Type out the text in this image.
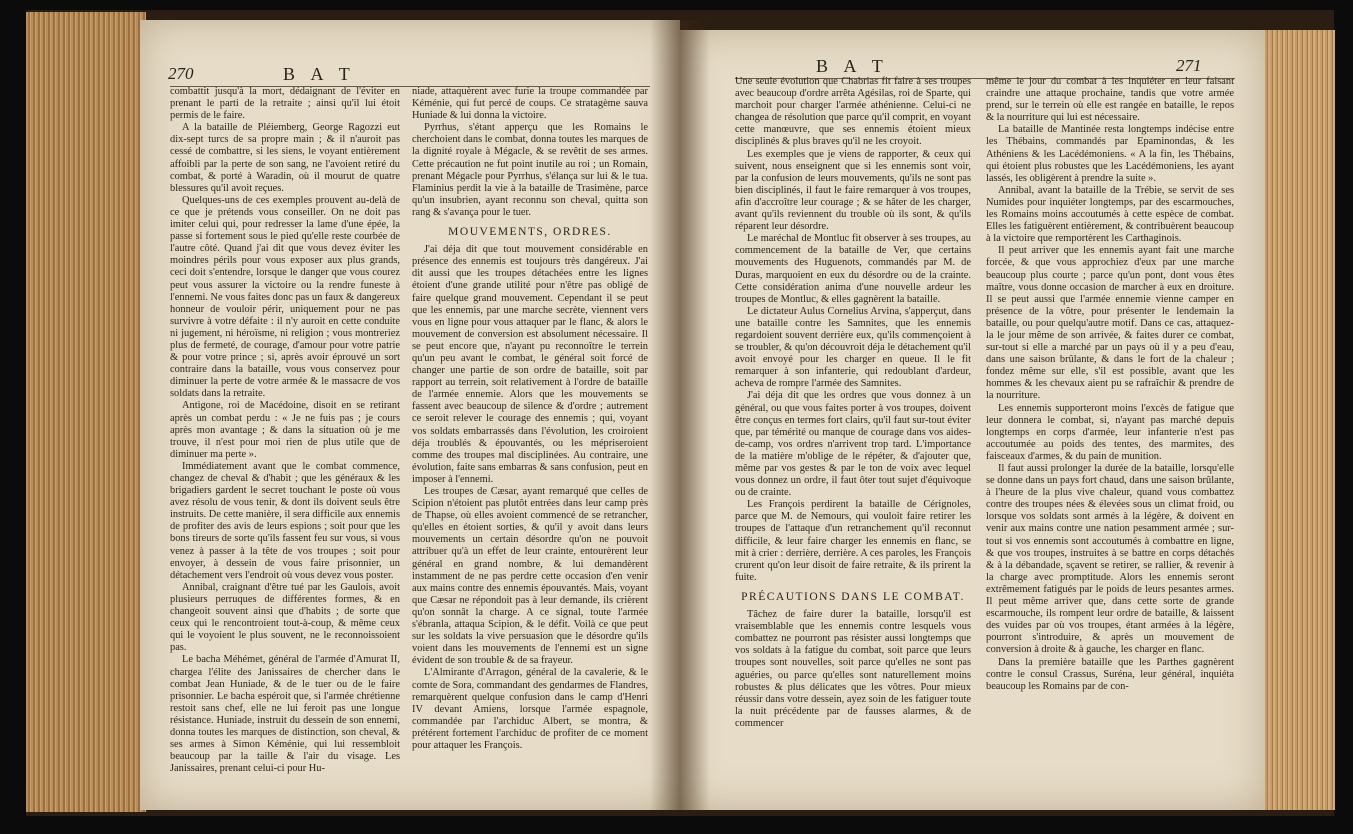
270	B A T

combattit jusqu'à la mort, dédaignant de l'éviter en prenant le parti de la retraite ; ainsi qu'il lui étoit permis de le faire.

A la bataille de Pléiemberg, George Ragozzi eut dix-sept turcs de sa propre main ; & il n'auroit pas cessé de combattre, si les siens, le voyant entièrement affoibli par la perte de son sang, ne l'avoient retiré du combat, & porté à Waradin, où il mourut de quatre blessures qu'il avoit reçues.

Quelques-uns de ces exemples prouvent au-delà de ce que je prétends vous conseiller. On ne doit pas imiter celui qui, pour redresser la lame d'une épée, la passe si fortement sous le pied qu'elle reste courbée de l'autre côté. Quand j'ai dit que vous devez éviter les moindres périls pour vous exposer aux plus grands, ceci doit s'entendre, lorsque le danger que vous courez peut vous assurer la victoire ou la rendre funeste à l'ennemi. Ne vous faites donc pas un faux & dangereux honneur de vouloir périr, uniquement pour ne pas survivre à votre défaite : il n'y auroit en cette conduite ni jugement, ni héroïsme, ni religion ; vous montreriez plus de fermeté, de courage, d'amour pour votre patrie & pour votre prince ; si, après avoir éprouvé un sort contraire dans la bataille, vous vous conservez pour diminuer la perte de votre armée & le massacre de vos soldats dans la retraite.

Antigone, roi de Macédoine, disoit en se retirant après un combat perdu : « Je ne fuis pas ; je cours après mon avantage ; & dans la situation où je me trouve, il n'est pour moi rien de plus utile que de diminuer ma perte ».

Immédiatement avant que le combat commence, changez de cheval & d'habit ; que les généraux & les brigadiers gardent le secret touchant le poste où vous avez résolu de vous tenir, & dont ils doivent seuls être instruits. De cette manière, il sera difficile aux ennemis de profiter des avis de leurs espions ; soit pour que les bons tireurs de sorte qu'ils fassent feu sur vous, si vous venez à passer à la tête de vos troupes ; soit pour envoyer, à dessein de vous faire prisonnier, un détachement vers l'endroit où vous devez vous poster.

Annibal, craignant d'être tué par les Gaulois, avoit plusieurs perruques de différentes formes, & en changeoit souvent ainsi que d'habits ; de sorte que ceux qui le rencontroient tout-à-coup, & même ceux qui le voyoient le plus souvent, ne le reconnoissoient pas.

Le bacha Méhémet, général de l'armée d'Amurat II, chargea l'élite des Janissaires de chercher dans le combat Jean Huniade, & de le tuer ou de le faire prisonnier. Le bacha espéroit que, si l'armée chrétienne restoit sans chef, elle ne lui feroit pas une longue résistance. Huniade, instruit du dessein de son ennemi, donna toutes les marques de distinction, son cheval, & ses armes à Simon Kéménie, qui lui ressembloit beaucoup par la taille & l'air du visage. Les Janissaires, prenant celui-ci pour Hu-

niade, attaquèrent avec furie la troupe commandée par Kéménie, qui fut percé de coups. Ce stratagème sauva Huniade & lui donna la victoire.

Pyrrhus, s'étant apperçu que les Romains le cherchoient dans le combat, donna toutes les marques de la dignité royale à Mégacle, & se revêtit de ses armes. Cette précaution ne fut point inutile au roi ; un Romain, prenant Mégacle pour Pyrrhus, s'élança sur lui & le tua. Flaminius perdit la vie à la bataille de Trasimène, parce qu'un insubrien, ayant reconnu son cheval, quitta son rang & s'avança pour le tuer.

MOUVEMENTS, ORDRES.

J'ai déja dit que tout mouvement considérable en présence des ennemis est toujours très dangéreux. J'ai dit aussi que les troupes détachées entre les lignes étoient d'une grande utilité pour n'être pas obligé de faire quelque grand mouvement. Cependant il se peut que les ennemis, par une marche secrète, viennent vers vous en ligne pour vous attaquer par le flanc, & alors le mouvement de conversion est absolument nécessaire. Il se peut encore que, n'ayant pu reconnoître le terrein qu'un peu avant le combat, le général soit forcé de changer une partie de son ordre de bataille, soit par rapport au terrein, soit relativement à l'ordre de bataille de l'armée ennemie. Alors que les mouvements se fassent avec beaucoup de silence & d'ordre ; autrement ce seroit relever le courage des ennemis ; qui, voyant vos soldats embarrassés dans l'évolution, les croiroient déja troublés & épouvantés, ou les mépriseroient comme des troupes mal disciplinées. Au contraire, une évolution, faite sans embarras & sans confusion, peut en imposer à l'ennemi.

Les troupes de Cæsar, ayant remarqué que celles de Scipion n'étoient pas plutôt entrées dans leur camp près de Thapse, où elles avoient commencé de se retrancher, qu'elles en étoient sorties, & qu'il y avoit dans leurs mouvements un certain désordre qu'on ne pouvoit attribuer qu'à un effet de leur crainte, entourèrent leur général en grand nombre, & lui demandèrent instamment de ne pas perdre cette occasion d'en venir aux mains contre des ennemis épouvantés. Mais, voyant que Cæsar ne répondoit pas à leur demande, ils crièrent qu'on sonnât la charge. A ce signal, toute l'armée s'ébranla, attaqua Scipion, & le défit. Voilà ce que peut sur les soldats la vive persuasion que le désordre qu'ils voient dans les mouvements de l'ennemi est un signe évident de son trouble & de sa frayeur.

L'Almirante d'Arragon, général de la cavalerie, & le comte de Sora, commandant des gendarmes de Flandres, remarquèrent quelque confusion dans le camp d'Henri IV devant Amiens, lorsque l'armée espagnole, commandée par l'archiduc Albert, se montra, & prétérent fortement l'archiduc de profiter de ce moment pour attaquer les François.

B A T	271

Une seule évolution que Chabrias fit faire à ses troupes avec beaucoup d'ordre arrêta Agésilas, roi de Sparte, qui marchoit pour charger l'armée athénienne. Celui-ci ne changea de résolution que parce qu'il comprit, en voyant cette manœuvre, que ses ennemis étoient mieux disciplinés & plus braves qu'il ne les croyoit.

Les exemples que je viens de rapporter, & ceux qui suivent, nous enseignent que si les ennemis sont voir, par la confusion de leurs mouvements, qu'ils ne sont pas bien disciplinés, il faut le faire remarquer à vos troupes, afin d'accroître leur courage ; & se hâter de les charger, avant qu'ils reviennent du trouble où ils sont, & qu'ils réparent leur désordre.

Le maréchal de Montluc fit observer à ses troupes, au commencement de la bataille de Ver, que certains mouvements des Huguenots, commandés par M. de Duras, marquoient en eux du désordre ou de la crainte. Cette considération anima d'une nouvelle ardeur les troupes de Montluc, & elles gagnèrent la bataille.

Le dictateur Aulus Cornelius Arvina, s'apperçut, dans une bataille contre les Samnites, que les ennemis regardoient souvent derrière eux, qu'ils commençoient à se troubler, & qu'on découvroit déja le détachement qu'il avoit envoyé pour les charger en queue. Il le fit remarquer à son infanterie, qui redoublant d'ardeur, acheva de rompre l'armée des Samnites.

J'ai déja dit que les ordres que vous donnez à un général, ou que vous faites porter à vos troupes, doivent être conçus en termes fort clairs, qu'il faut sur-tout éviter que, par témérité ou manque de courage dans vos aides-de-camp, vos ordres n'arrivent trop tard. L'importance de la matière m'oblige de le répéter, & d'ajouter que, même par vos gestes & par le ton de voix avec lequel vous donnez un ordre, il faut ôter tout sujet d'équivoque ou de crainte.

Les François perdirent la bataille de Cérignoles, parce que M. de Nemours, qui vouloit faire retirer les troupes de l'attaque d'un retranchement qu'il reconnut difficile, & leur faire charger les ennemis en flanc, se mit à crier : derrière, derrière. A ces paroles, les François crurent qu'on leur disoit de faire retraite, & ils prirent la fuite.

PRÉCAUTIONS DANS LE COMBAT.

Tâchez de faire durer la bataille, lorsqu'il est vraisemblable que les ennemis contre lesquels vous combattez ne pourront pas résister aussi longtemps que vos soldats à la fatigue du combat, soit parce que leurs troupes sont nouvelles, soit parce qu'elles ne sont pas aguéries, ou parce qu'elles sont naturellement moins robustes & plus délicates que les vôtres. Pour mieux réussir dans votre dessein, ayez soin de les fatiguer toute la nuit précédente par de fausses alarmes, & de commencer

même le jour du combat à les inquiéter en leur faisant craindre une attaque prochaine, tandis que votre armée prend, sur le terrein où elle est rangée en bataille, le repos & la nourriture qui lui est nécessaire.

La bataille de Mantinée resta longtemps indécise entre les Thébains, commandés par Epaminondas, & les Athéniens & les Lacédémoniens. « A la fin, les Thébains, qui étoient plus robustes que les Lacédémoniens, les ayant lassés, les obligèrent à prendre la suite ».

Annibal, avant la bataille de la Trébie, se servit de ses Numides pour inquiéter longtemps, par des escarmouches, les Romains moins accoutumés à cette espèce de combat. Elles les fatiguèrent entièrement, & contribuèrent beaucoup à la victoire que remportèrent les Carthaginois.

Il peut arriver que les ennemis ayant fait une marche forcée, & que vous approchiez d'eux par une marche beaucoup plus courte ; parce qu'un pont, dont vous êtes maître, vous donne occasion de marcher à eux en droiture. Il se peut aussi que l'armée ennemie vienne camper en présence de la vôtre, pour présenter le lendemain la bataille, ou pour quelqu'autre motif. Dans ce cas, attaquez-la le jour même de son arrivée, & faites durer ce combat, sur-tout si elle a marché par un pays où il y a peu d'eau, dans une saison brûlante, & dans le fort de la chaleur ; fondez même sur elle, s'il est possible, avant que les hommes & les chevaux aient pu se rafraîchir & prendre de la nourriture.

Les ennemis supporteront moins l'excès de fatigue que leur donnera le combat, si, n'ayant pas marché depuis longtemps en corps d'armée, leur infanterie n'est pas accoutumée au poids des tentes, des marmites, des faisceaux d'armes, & du pain de munition.

Il faut aussi prolonger la durée de la bataille, lorsqu'elle se donne dans un pays fort chaud, dans une saison brûlante, à l'heure de la plus vive chaleur, quand vous combattez contre des troupes nées & élevées sous un climat froid, ou lorsque vos soldats sont armés à la légère, & doivent en venir aux mains contre une nation pesamment armée ; sur-tout si vos ennemis sont accoutumés à combattre en ligne, & que vos troupes, instruites à se battre en corps détachés & à la débandade, sçavent se retirer, se rallier, & revenir à la charge avec promptitude. Alors les ennemis seront extrêmement fatigués par le poids de leurs pesantes armes. Il peut même arriver que, dans cette sorte de grande escarmouche, ils rompent leur ordre de bataille, & laissent des vuides par où vos troupes, étant armées à la légère, pourront s'introduire, & après un mouvement de conversion à droite & à gauche, les charger en flanc.

Dans la première bataille que les Parthes gagnèrent contre le consul Crassus, Suréna, leur général, inquiéta beaucoup les Romains par de con-
